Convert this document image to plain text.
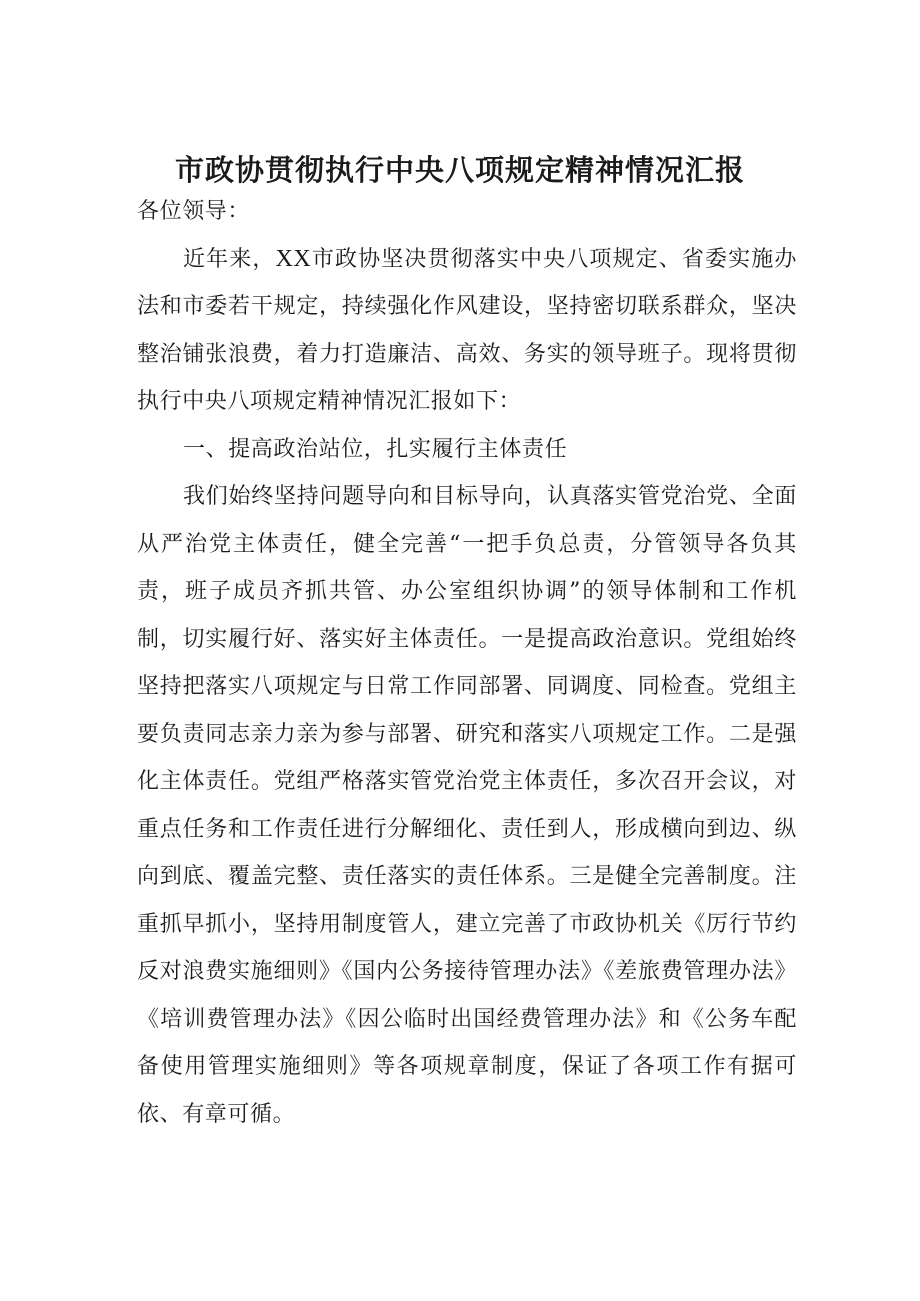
市政协贯彻执行中央八项规定精神情况汇报

各位领导：

近年来，XX市政协坚决贯彻落实中央八项规定、省委实施办法和市委若干规定，持续强化作风建设，坚持密切联系群众，坚决整治铺张浪费，着力打造廉洁、高效、务实的领导班子。现将贯彻执行中央八项规定精神情况汇报如下：

一、提高政治站位，扎实履行主体责任

我们始终坚持问题导向和目标导向，认真落实管党治党、全面从严治党主体责任，健全完善“一把手负总责，分管领导各负其责，班子成员齐抓共管、办公室组织协调”的领导体制和工作机制，切实履行好、落实好主体责任。一是提高政治意识。党组始终坚持把落实八项规定与日常工作同部署、同调度、同检查。党组主要负责同志亲力亲为参与部署、研究和落实八项规定工作。二是强化主体责任。党组严格落实管党治党主体责任，多次召开会议，对重点任务和工作责任进行分解细化、责任到人，形成横向到边、纵向到底、覆盖完整、责任落实的责任体系。三是健全完善制度。注重抓早抓小，坚持用制度管人，建立完善了市政协机关《厉行节约反对浪费实施细则》《国内公务接待管理办法》《差旅费管理办法》《培训费管理办法》《因公临时出国经费管理办法》和《公务车配备使用管理实施细则》等各项规章制度，保证了各项工作有据可依、有章可循。
